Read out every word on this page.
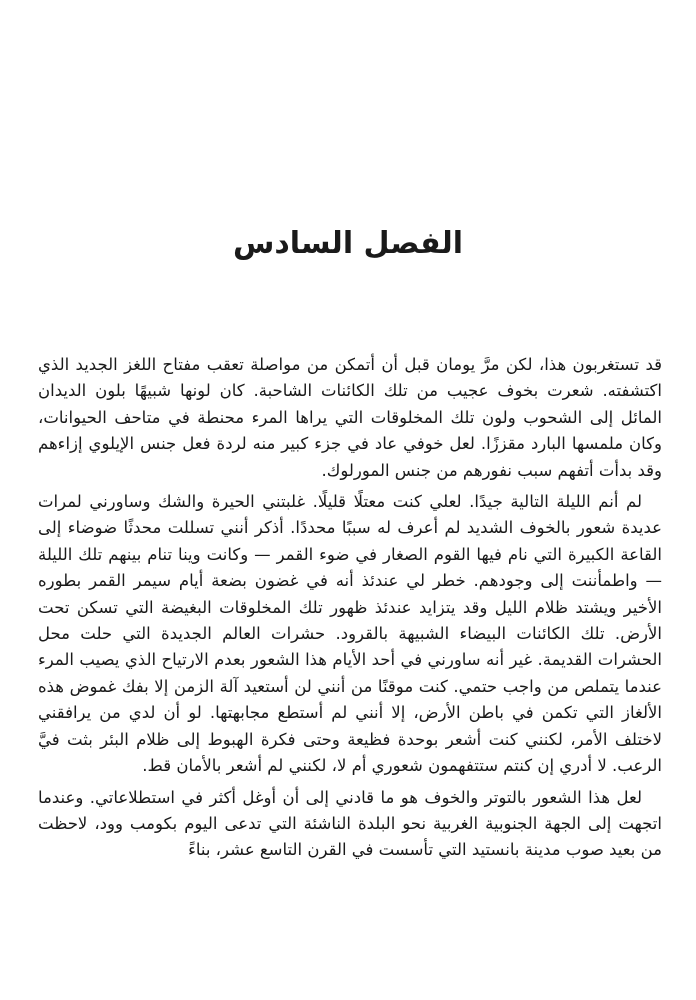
الفصل السادس

قد تستغربون هذا، لكن مرَّ يومان قبل أن أتمكن من مواصلة تعقب مفتاح اللغز الجديد الذي اكتشفته. شعرت بخوف عجيب من تلك الكائنات الشاحبة. كان لونها شبيهًا بلون الديدان المائل إلى الشحوب ولون تلك المخلوقات التي يراها المرء محنطة في متاحف الحيوانات، وكان ملمسها البارد مقززًا. لعل خوفي عاد في جزء كبير منه لردة فعل جنس الإيلوي إزاءهم وقد بدأت أتفهم سبب نفورهم من جنس المورلوك.

لم أنم الليلة التالية جيدًا. لعلي كنت معتلًا قليلًا. غلبتني الحيرة والشك وساورني لمرات عديدة شعور بالخوف الشديد لم أعرف له سببًا محددًا. أذكر أنني تسللت محدثًا ضوضاء إلى القاعة الكبيرة التي نام فيها القوم الصغار في ضوء القمر — وكانت وينا تنام بينهم تلك الليلة — واطمأننت إلى وجودهم. خطر لي عندئذ أنه في غضون بضعة أيام سيمر القمر بطوره الأخير ويشتد ظلام الليل وقد يتزايد عندئذ ظهور تلك المخلوقات البغيضة التي تسكن تحت الأرض. تلك الكائنات البيضاء الشبيهة بالقرود. حشرات العالم الجديدة التي حلت محل الحشرات القديمة. غير أنه ساورني في أحد الأيام هذا الشعور بعدم الارتياح الذي يصيب المرء عندما يتملص من واجب حتمي. كنت موقنًا من أنني لن أستعيد آلة الزمن إلا بفك غموض هذه الألغاز التي تكمن في باطن الأرض، إلا أنني لم أستطع مجابهتها. لو أن لدي من يرافقني لاختلف الأمر، لكنني كنت أشعر بوحدة فظيعة وحتى فكرة الهبوط إلى ظلام البئر بثت فيَّ الرعب. لا أدري إن كنتم ستتفهمون شعوري أم لا، لكنني لم أشعر بالأمان قط.

لعل هذا الشعور بالتوتر والخوف هو ما قادني إلى أن أوغل أكثر في استطلاعاتي. وعندما اتجهت إلى الجهة الجنوبية الغربية نحو البلدة الناشئة التي تدعى اليوم بكومب وود، لاحظت من بعيد صوب مدينة بانستيد التي تأسست في القرن التاسع عشر، بناءً
